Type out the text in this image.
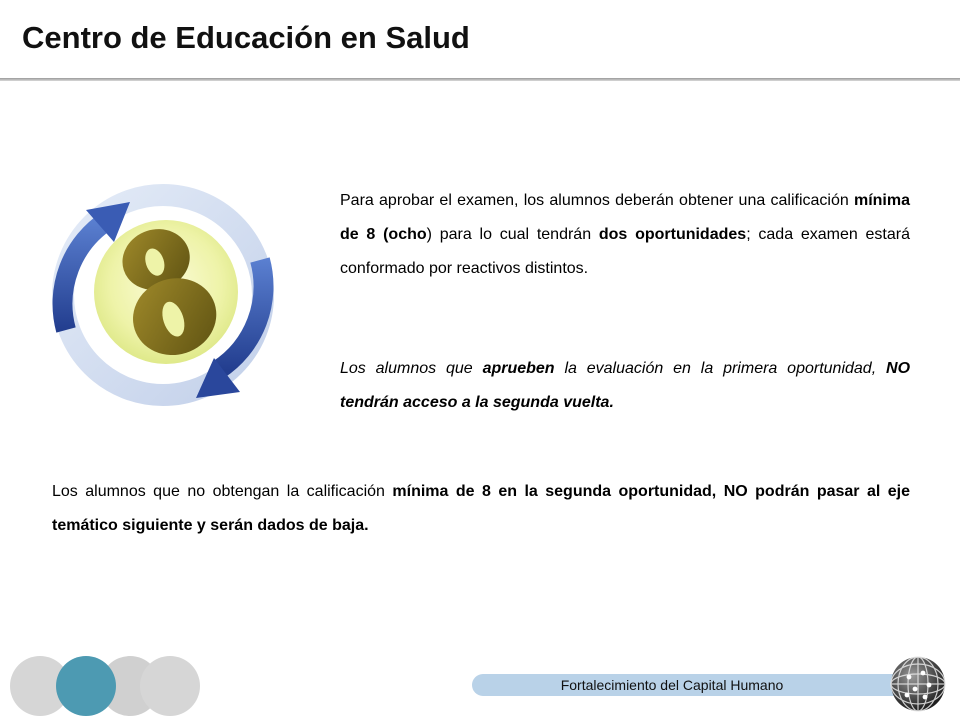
Centro de Educación en Salud
Para aprobar el examen, los alumnos deberán obtener una calificación mínima de 8 (ocho) para lo cual tendrán dos oportunidades; cada examen estará conformado por reactivos distintos.
Los alumnos que aprueben la evaluación en la primera oportunidad, NO tendrán acceso a la segunda vuelta.
Los alumnos que no obtengan la calificación mínima de 8 en la segunda oportunidad, NO podrán pasar al eje temático siguiente y serán dados de baja.
Fortalecimiento del Capital Humano
